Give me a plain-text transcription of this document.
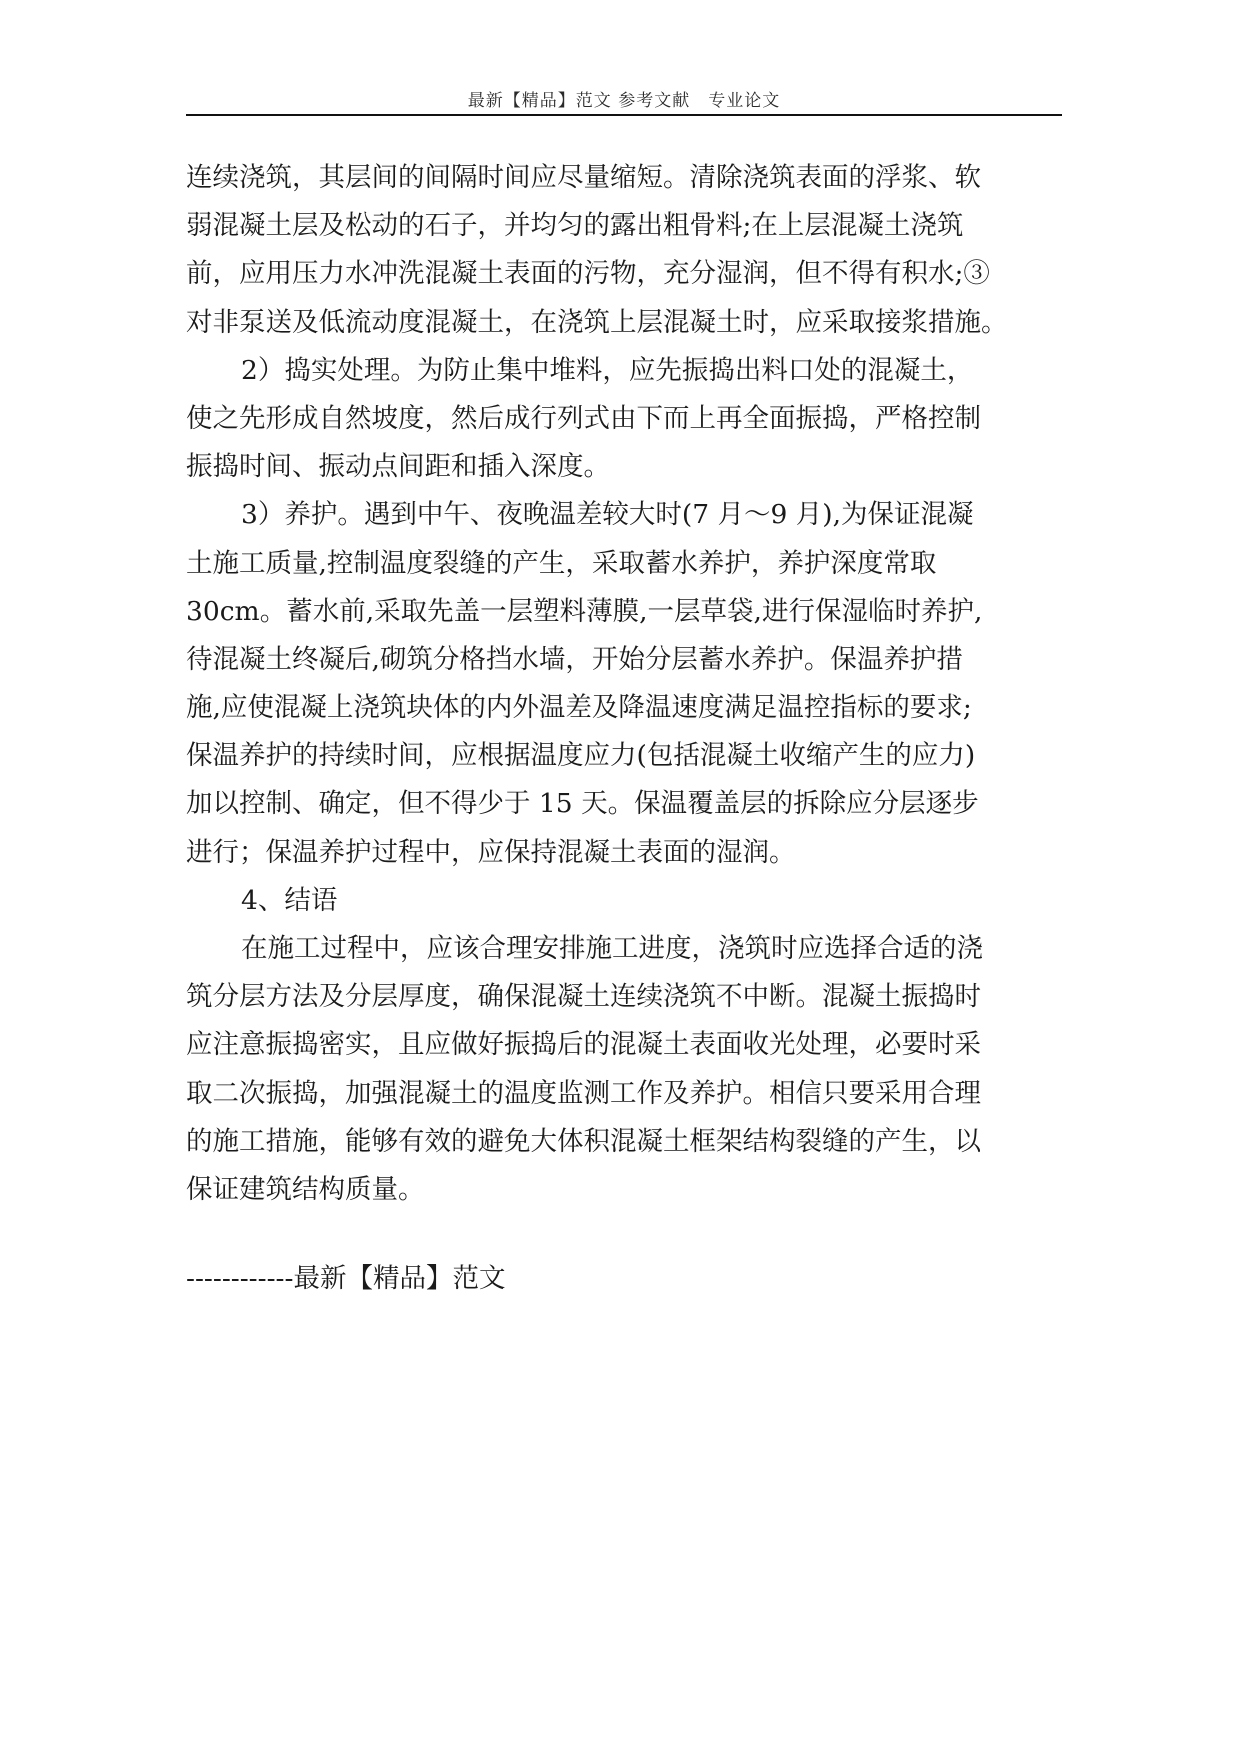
最新【精品】范文 参考文献　专业论文
连续浇筑，其层间的间隔时间应尽量缩短。清除浇筑表面的浮浆、软
弱混凝土层及松动的石子，并均匀的露出粗骨料;在上层混凝土浇筑
前，应用压力水冲洗混凝土表面的污物，充分湿润，但不得有积水;③
对非泵送及低流动度混凝土，在浇筑上层混凝土时，应采取接浆措施。
2）捣实处理。为防止集中堆料，应先振捣出料口处的混凝土，
使之先形成自然坡度，然后成行列式由下而上再全面振捣，严格控制
振捣时间、振动点间距和插入深度。
3）养护。遇到中午、夜晚温差较大时(7 月～9 月),为保证混凝
土施工质量,控制温度裂缝的产生，采取蓄水养护，养护深度常取
30cm。蓄水前,采取先盖一层塑料薄膜,一层草袋,进行保湿临时养护,
待混凝土终凝后,砌筑分格挡水墙，开始分层蓄水养护。保温养护措
施,应使混凝上浇筑块体的内外温差及降温速度满足温控指标的要求;
保温养护的持续时间，应根据温度应力(包括混凝土收缩产生的应力)
加以控制、确定，但不得少于 15 天。保温覆盖层的拆除应分层逐步
进行；保温养护过程中，应保持混凝土表面的湿润。
4、结语
在施工过程中，应该合理安排施工进度，浇筑时应选择合适的浇
筑分层方法及分层厚度，确保混凝土连续浇筑不中断。混凝土振捣时
应注意振捣密实，且应做好振捣后的混凝土表面收光处理，必要时采
取二次振捣，加强混凝土的温度监测工作及养护。相信只要采用合理
的施工措施，能够有效的避免大体积混凝土框架结构裂缝的产生，以
保证建筑结构质量。
------------最新【精品】范文
